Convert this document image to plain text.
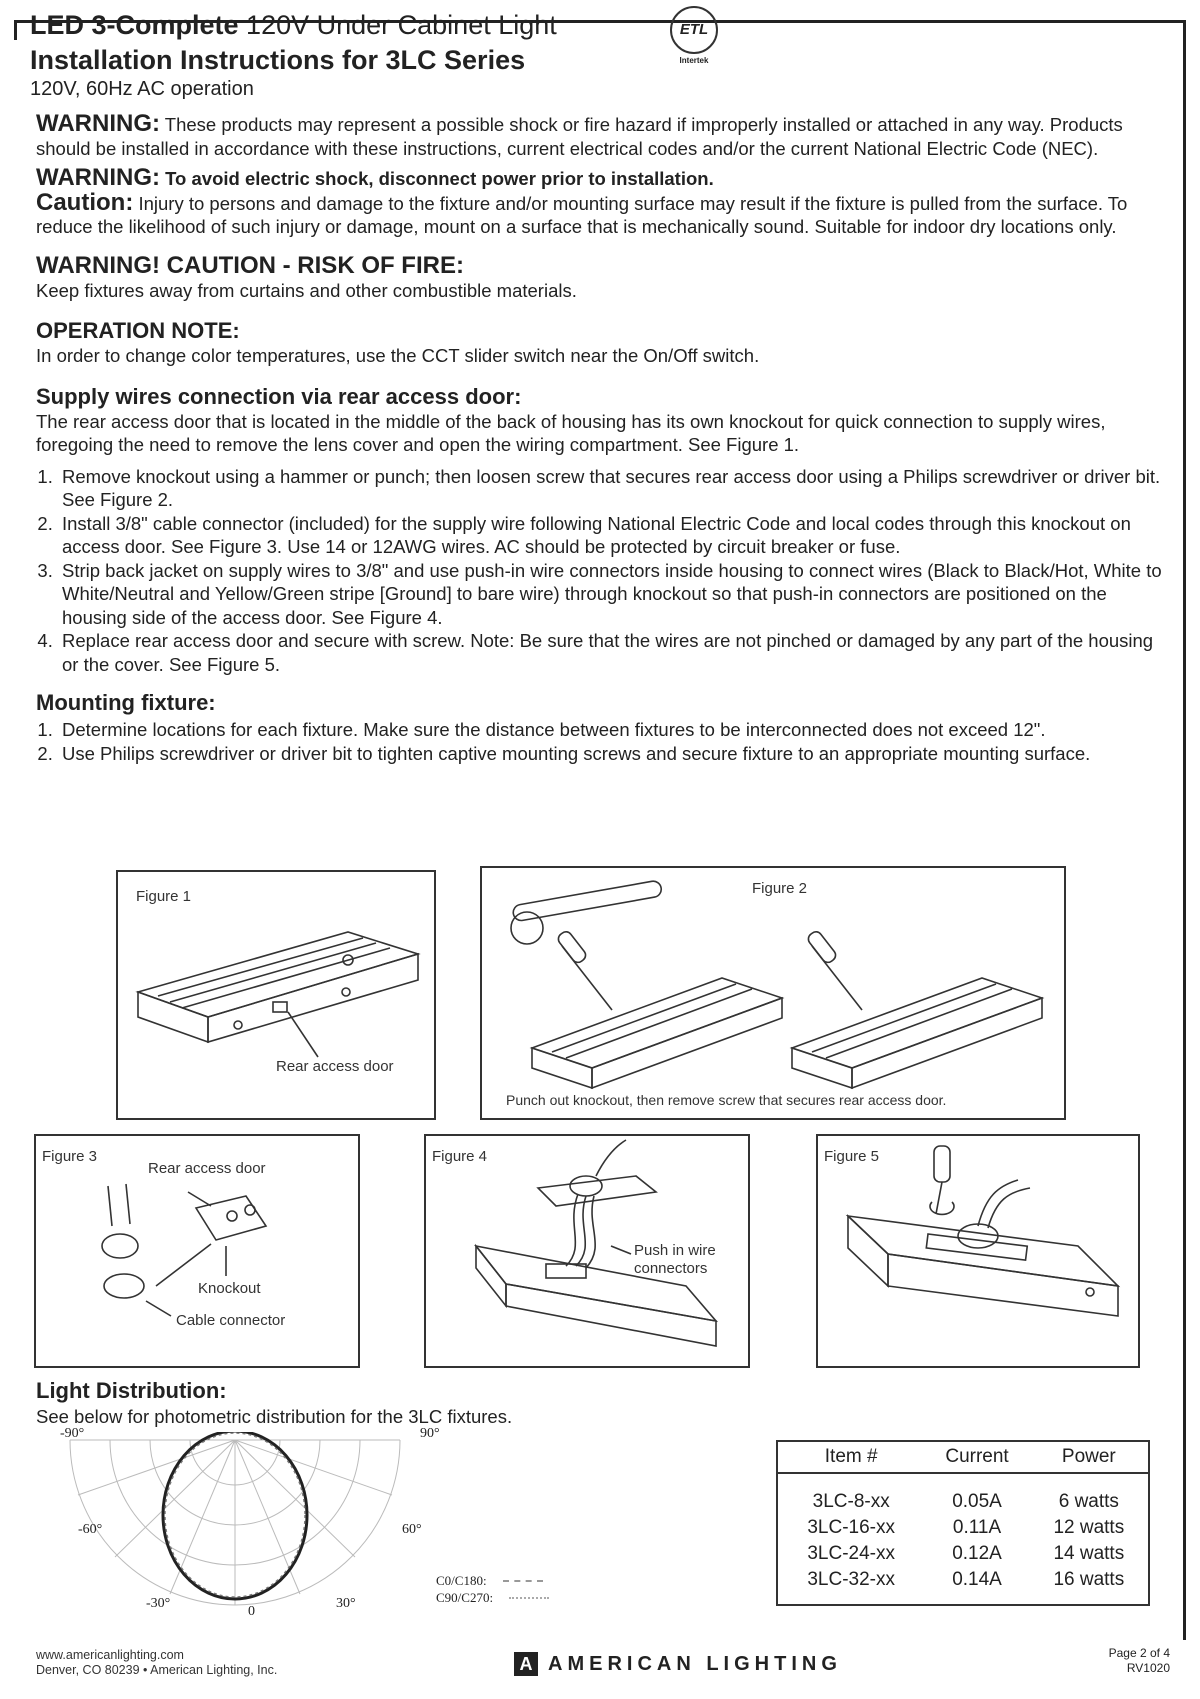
LED 3-Complete 120V Under Cabinet Light
Installation Instructions for 3LC Series
120V, 60Hz AC operation
ETL
Intertek

WARNING: These products may represent a possible shock or fire hazard if improperly installed or attached in any way. Products should be installed in accordance with these instructions, current electrical codes and/or the current National Electric Code (NEC).

WARNING: To avoid electric shock, disconnect power prior to installation.

Caution: Injury to persons and damage to the fixture and/or mounting surface may result if the fixture is pulled from the surface. To reduce the likelihood of such injury or damage, mount on a surface that is mechanically sound. Suitable for indoor dry locations only.

WARNING! CAUTION - RISK OF FIRE:

Keep fixtures away from curtains and other combustible materials.

OPERATION NOTE:

In order to change color temperatures, use the CCT slider switch near the On/Off switch.

Supply wires connection via rear access door:

The rear access door that is located in the middle of the back of housing has its own knockout for quick connection to supply wires, foregoing the need to remove the lens cover and open the wiring compartment. See Figure 1.

1. Remove knockout using a hammer or punch; then loosen screw that secures rear access door using a Philips screwdriver or driver bit. See Figure 2.
2. Install 3/8" cable connector (included) for the supply wire following National Electric Code and local codes through this knockout on access door. See Figure 3. Use 14 or 12AWG wires. AC should be protected by circuit breaker or fuse.
3. Strip back jacket on supply wires to 3/8" and use push-in wire connectors inside housing to connect wires (Black to Black/Hot, White to White/Neutral and Yellow/Green stripe [Ground] to bare wire) through knockout so that push-in connectors are positioned on the housing side of the access door. See Figure 4.
4. Replace rear access door and secure with screw. Note: Be sure that the wires are not pinched or damaged by any part of the housing or the cover. See Figure 5.

Mounting fixture:

1. Determine locations for each fixture. Make sure the distance between fixtures to be interconnected does not exceed 12".
2. Use Philips screwdriver or driver bit to tighten captive mounting screws and secure fixture to an appropriate mounting surface.
Figure 1
Rear access door
Figure 2
Punch out knockout, then remove screw that secures rear access door.
Figure 3
Rear access door
Knockout
Cable connector
Figure 4
Push in wire connectors
Figure 5
Light Distribution:
See below for photometric distribution for the 3LC fixtures.
-90°	90°
-60°	60°
-30°	30°
0
C0/C180:
C90/C270:
Item #	Current	Power
3LC-8-xx	0.05A	6 watts
3LC-16-xx	0.11A	12 watts
3LC-24-xx	0.12A	14 watts
3LC-32-xx	0.14A	16 watts
www.americanlighting.com
Denver, CO 80239 • American Lighting, Inc.	A AMERICAN LIGHTING	Page 2 of 4
RV1020
